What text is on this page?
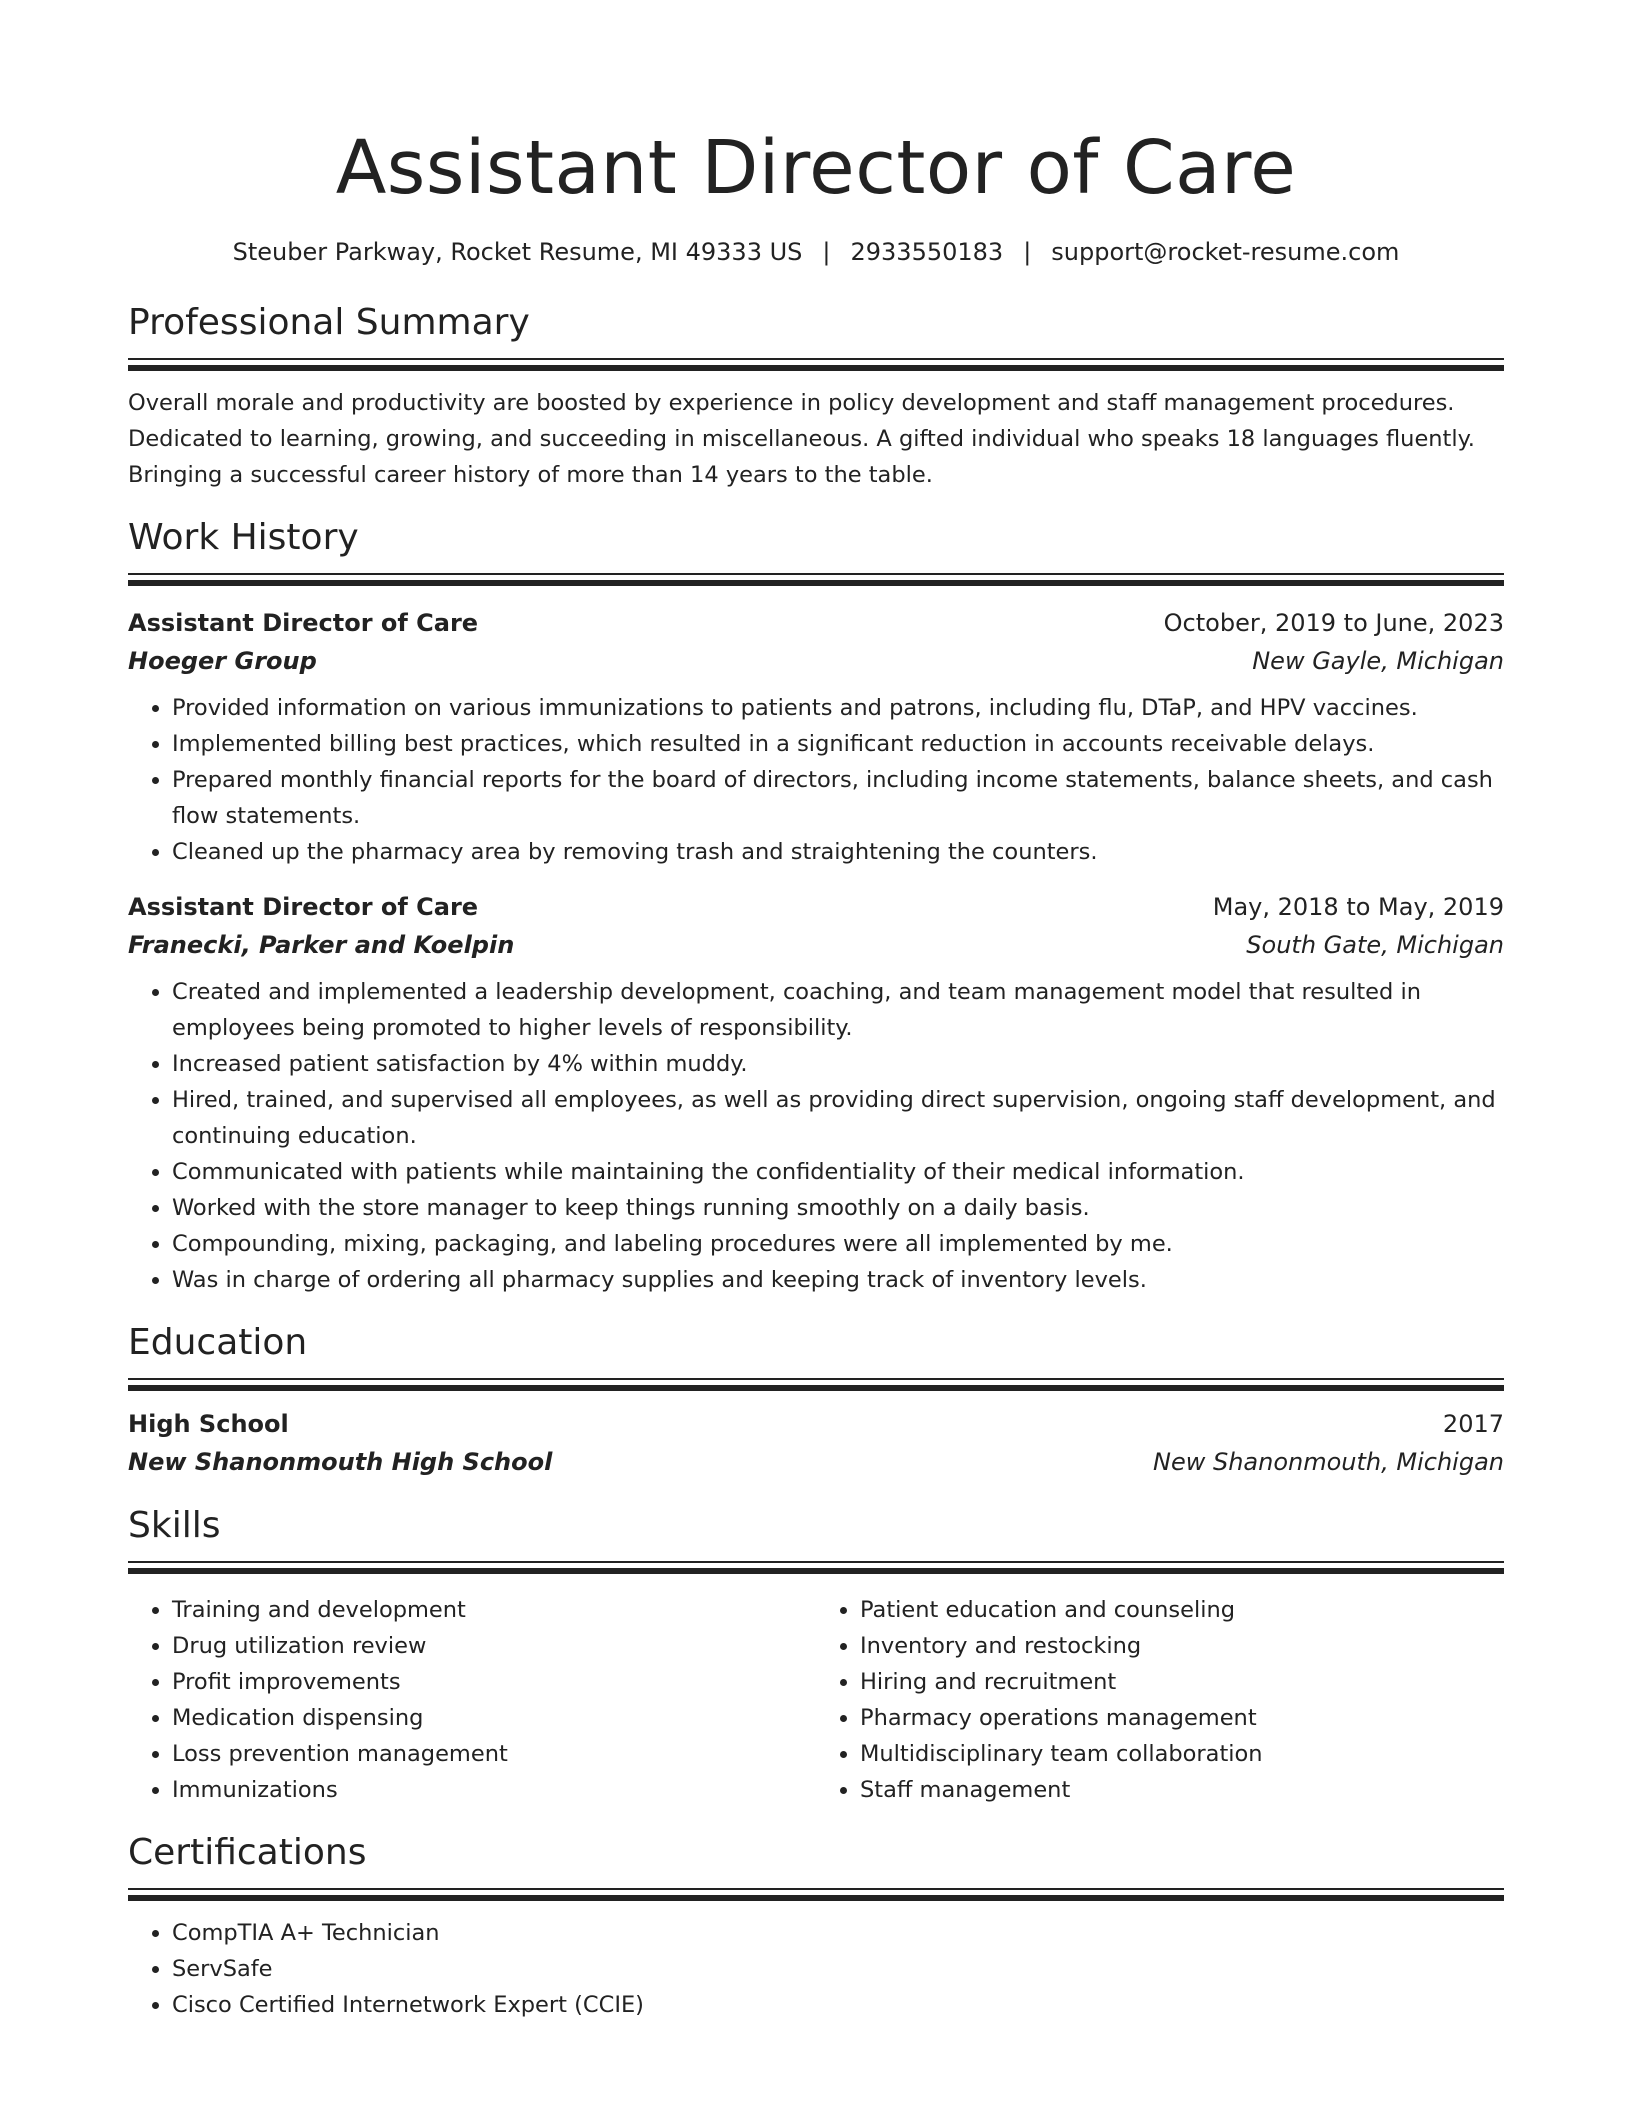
Assistant Director of Care
Steuber Parkway, Rocket Resume, MI 49333 US | 2933550183 | support@rocket-resume.com
Professional Summary

Overall morale and productivity are boosted by experience in policy development and staff management procedures. Dedicated to learning, growing, and succeeding in miscellaneous. A gifted individual who speaks 18 languages fluently. Bringing a successful career history of more than 14 years to the table.

Work History
Assistant Director of Care	October, 2019 to June, 2023
Hoeger Group	New Gayle, Michigan
• Provided information on various immunizations to patients and patrons, including flu, DTaP, and HPV vaccines.
• Implemented billing best practices, which resulted in a significant reduction in accounts receivable delays.
• Prepared monthly financial reports for the board of directors, including income statements, balance sheets, and cash flow statements.
• Cleaned up the pharmacy area by removing trash and straightening the counters.
Assistant Director of Care	May, 2018 to May, 2019
Franecki, Parker and Koelpin	South Gate, Michigan
• Created and implemented a leadership development, coaching, and team management model that resulted in employees being promoted to higher levels of responsibility.
• Increased patient satisfaction by 4% within muddy.
• Hired, trained, and supervised all employees, as well as providing direct supervision, ongoing staff development, and continuing education.
• Communicated with patients while maintaining the confidentiality of their medical information.
• Worked with the store manager to keep things running smoothly on a daily basis.
• Compounding, mixing, packaging, and labeling procedures were all implemented by me.
• Was in charge of ordering all pharmacy supplies and keeping track of inventory levels.
Education
High School	2017
New Shanonmouth High School	New Shanonmouth, Michigan
Skills
• Training and development
• Drug utilization review
• Profit improvements
• Medication dispensing
• Loss prevention management
• Immunizations
• Patient education and counseling
• Inventory and restocking
• Hiring and recruitment
• Pharmacy operations management
• Multidisciplinary team collaboration
• Staff management
Certifications
• CompTIA A+ Technician
• ServSafe
• Cisco Certified Internetwork Expert (CCIE)
